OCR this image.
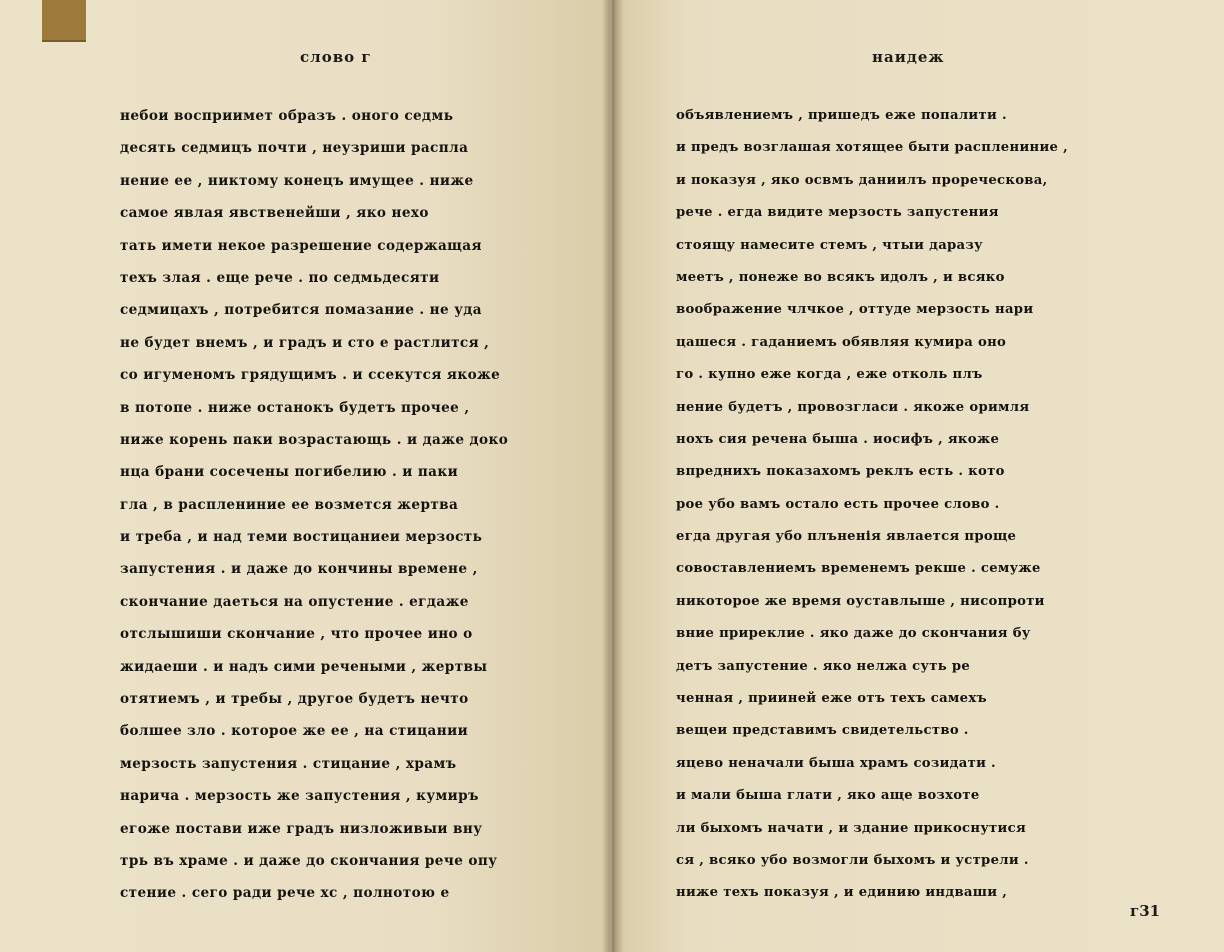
слово г
небои восприимет образъ . оного седмь
десять седмицъ почти , неузриши распла
нение ее , никтому конецъ имущее . нижe
самое явлая явственейши , яко нехо
тать имети некое разрешение содержащая
техъ злая . еще рече . по седмьдесяти
седмицахъ , потребится помазание . не уда
не будет внемъ , и градъ и сто е растлится ,
со игуменомъ грядущимъ . и ссекутся якоже
в потопе . ниже останокъ будетъ прочее ,
ниже корень паки возрастающь . и даже доко
нца брани сосечены погибелию . и паки
гла , в расплениние ее возмется жертва
и треба , и над теми востицаниеи мерзость
запустения . и даже до кончины времене ,
скончание даеться на опустение . егдаже
отслышиши скончание , что прочее ино о
жидаеши . и надъ сими речеными , жертвы
отятиемъ , и требы , другое будетъ нечто
болшее зло . которое же ее , на стицании
мерзость запустения . стицание , храмъ
нарича . мерзость же запустения , кумиръ
егоже постави иже градъ низложивыи вну
трь въ храме . и даже до скончания рече опу
стение . сего ради рече хс , полнотою е
наидеж
объявлениемъ , пришедъ еже попалити .
и предъ возглашая хотящее быти расплениние ,
и показуя , яко освмъ даниилъ прореческова,
рече . егда видите мерзость запустения
стоящу намесите стемъ , чтыи даразу
меетъ , понеже во всякъ идолъ , и всяко
воображение члчкое , оттуде мерзость нари
цашеся . гаданиемъ обявляя кумира оно
го . купно еже когда , еже отколь плъ
нение будетъ , провозгласи . якоже оримля
нохъ сия речена быша . иосифъ , якоже
впреднихъ показахомъ реклъ есть . кото
рое убо вамъ остало есть прочее слово .
егда другая убо плъненія явлается проще
совоставлениемъ временемъ рекше . семуже
никоторое же время оуставлыше , нисопроти
вние приреклие . яко даже до скончания бу
детъ запустение . яко нелжа суть ре
ченная , прииней еже отъ техъ самехъ
вещеи представимъ свидетельство .
яцево неначали быша храмъ созидати .
и мали быша глати , яко аще возхоте
ли быхомъ начати , и здание прикоснутися
ся , всяко убо возмогли быхомъ и устрели .
ниже техъ показуя , и единию индваши ,
г31
